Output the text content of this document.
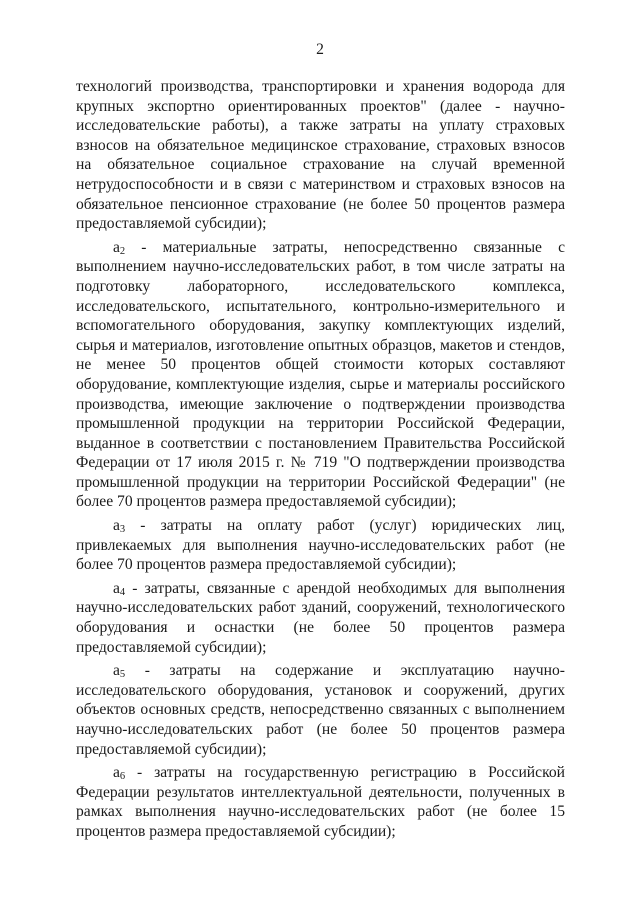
2

технологий производства, транспортировки и хранения водорода для крупных экспортно ориентированных проектов" (далее - научно-исследовательские работы), а также затраты на уплату страховых взносов на обязательное медицинское страхование, страховых взносов на обязательное социальное страхование на случай временной нетрудоспособности и в связи с материнством и страховых взносов на обязательное пенсионное страхование (не более 50 процентов размера предоставляемой субсидии);

a2 - материальные затраты, непосредственно связанные с выполнением научно-исследовательских работ, в том числе затраты на подготовку лабораторного, исследовательского комплекса, исследовательского, испытательного, контрольно-измерительного и вспомогательного оборудования, закупку комплектующих изделий, сырья и материалов, изготовление опытных образцов, макетов и стендов, не менее 50 процентов общей стоимости которых составляют оборудование, комплектующие изделия, сырье и материалы российского производства, имеющие заключение о подтверждении производства промышленной продукции на территории Российской Федерации, выданное в соответствии с постановлением Правительства Российской Федерации от 17 июля 2015 г. № 719 "О подтверждении производства промышленной продукции на территории Российской Федерации" (не более 70 процентов размера предоставляемой субсидии);

a3 - затраты на оплату работ (услуг) юридических лиц, привлекаемых для выполнения научно-исследовательских работ (не более 70 процентов размера предоставляемой субсидии);

a4 - затраты, связанные с арендой необходимых для выполнения научно-исследовательских работ зданий, сооружений, технологического оборудования и оснастки (не более 50 процентов размера предоставляемой субсидии);

a5 - затраты на содержание и эксплуатацию научно-исследовательского оборудования, установок и сооружений, других объектов основных средств, непосредственно связанных с выполнением научно-исследовательских работ (не более 50 процентов размера предоставляемой субсидии);

a6 - затраты на государственную регистрацию в Российской Федерации результатов интеллектуальной деятельности, полученных в рамках выполнения научно-исследовательских работ (не более 15 процентов размера предоставляемой субсидии);
